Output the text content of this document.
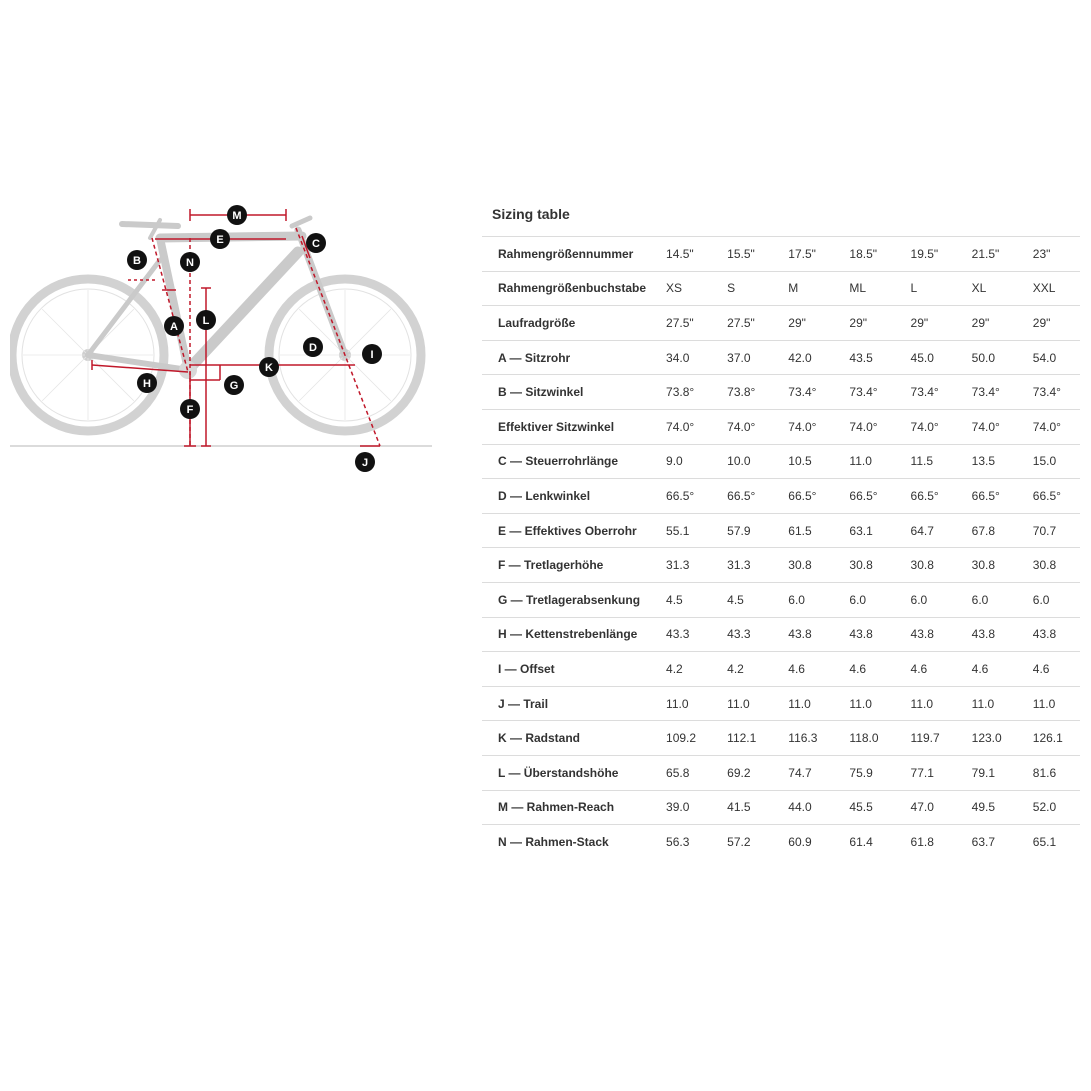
M
E	C
B	N
L
A
D
I
K
H	G
F
J
Sizing table
Rahmengrößennummer	14.5"	15.5"	17.5"	18.5"	19.5"	21.5"	23"
Rahmengrößenbuchstabe	XS	S	M	ML	L	XL	XXL
Laufradgröße	27.5"	27.5"	29"	29"	29"	29"	29"
A — Sitzrohr	34.0	37.0	42.0	43.5	45.0	50.0	54.0
B — Sitzwinkel	73.8°	73.8°	73.4°	73.4°	73.4°	73.4°	73.4°
Effektiver Sitzwinkel	74.0°	74.0°	74.0°	74.0°	74.0°	74.0°	74.0°
C — Steuerrohrlänge	9.0	10.0	10.5	11.0	11.5	13.5	15.0
D — Lenkwinkel	66.5°	66.5°	66.5°	66.5°	66.5°	66.5°	66.5°
E — Effektives Oberrohr	55.1	57.9	61.5	63.1	64.7	67.8	70.7
F — Tretlagerhöhe	31.3	31.3	30.8	30.8	30.8	30.8	30.8
G — Tretlagerabsenkung	4.5	4.5	6.0	6.0	6.0	6.0	6.0
H — Kettenstrebenlänge	43.3	43.3	43.8	43.8	43.8	43.8	43.8
I — Offset	4.2	4.2	4.6	4.6	4.6	4.6	4.6
J — Trail	11.0	11.0	11.0	11.0	11.0	11.0	11.0
K — Radstand	109.2	112.1	116.3	118.0	119.7	123.0	126.1
L — Überstandshöhe	65.8	69.2	74.7	75.9	77.1	79.1	81.6
M — Rahmen-Reach	39.0	41.5	44.0	45.5	47.0	49.5	52.0
N — Rahmen-Stack	56.3	57.2	60.9	61.4	61.8	63.7	65.1
